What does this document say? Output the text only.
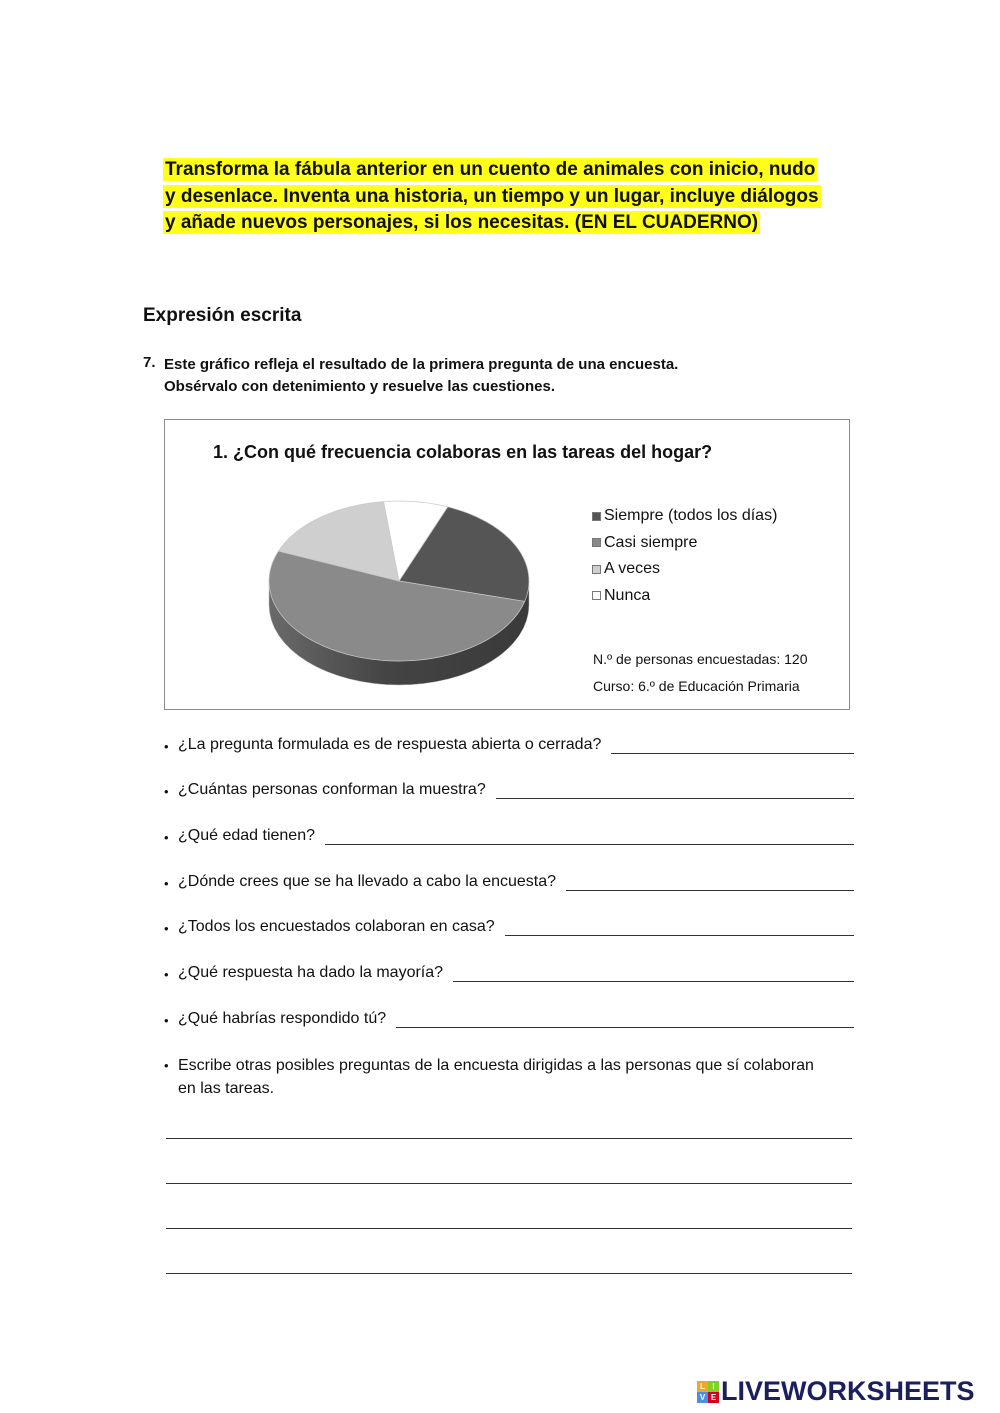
Transforma la fábula anterior en un cuento de animales con inicio, nudo
y desenlace. Inventa una historia, un tiempo y un lugar, incluye diálogos
y añade nuevos personajes, si los necesitas. (EN EL CUADERNO)
Expresión escrita
7. Este gráfico refleja el resultado de la primera pregunta de una encuesta.
Obsérvalo con detenimiento y resuelve las cuestiones.
1. ¿Con qué frecuencia colaboras en las tareas del hogar?
Siempre (todos los días)
Casi siempre
A veces
Nunca
N.º de personas encuestadas: 120
Curso: 6.º de Educación Primaria
• ¿La pregunta formulada es de respuesta abierta o cerrada?
• ¿Cuántas personas conforman la muestra?
• ¿Qué edad tienen?
• ¿Dónde crees que se ha llevado a cabo la encuesta?
• ¿Todos los encuestados colaboran en casa?
• ¿Qué respuesta ha dado la mayoría?
• ¿Qué habrías respondido tú?
• Escribe otras posibles preguntas de la encuesta dirigidas a las personas que sí colaboran
en las tareas.
L I
V E LIVEWORKSHEETS
